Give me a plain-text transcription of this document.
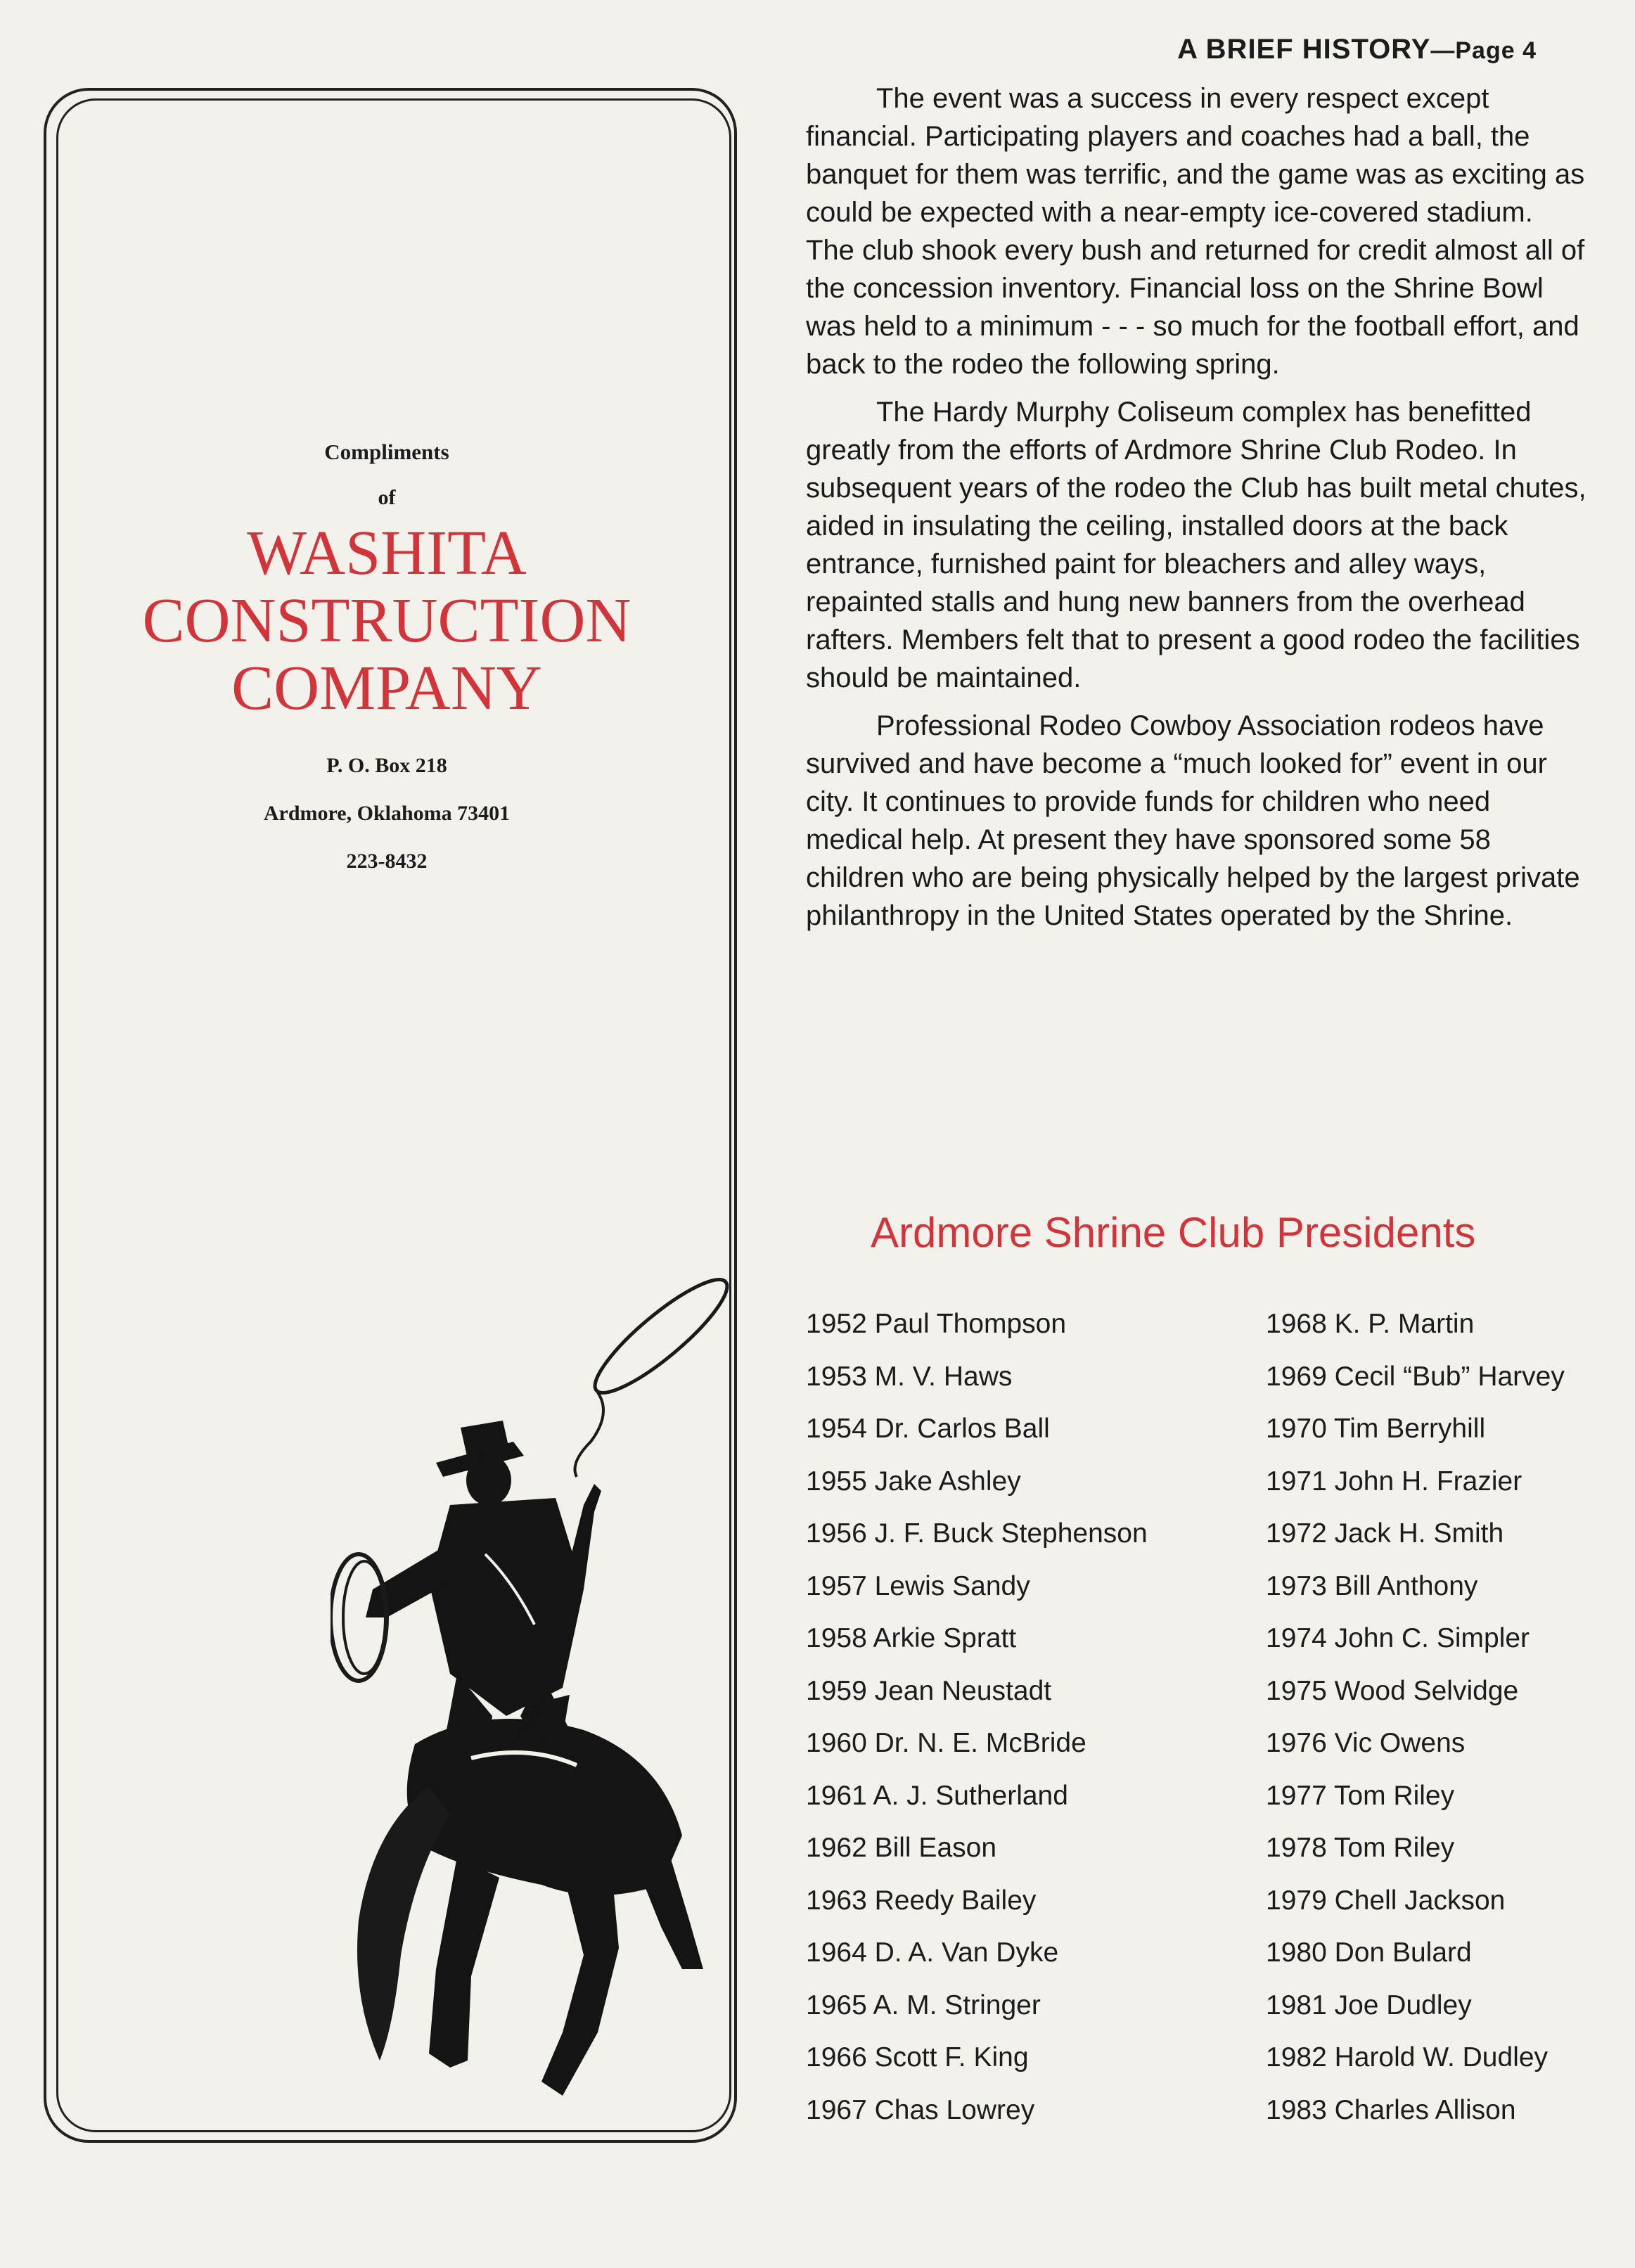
A BRIEF HISTORY—Page 4
Compliments
of
WASHITA
CONSTRUCTION
COMPANY
P. O. Box 218
Ardmore, Oklahoma 73401
223-8432

The event was a success in every respect except financial. Participating players and coaches had a ball, the banquet for them was terrific, and the game was as exciting as could be expected with a near-empty ice-covered stadium. The club shook every bush and returned for credit almost all of the concession inventory. Financial loss on the Shrine Bowl was held to a minimum - - - so much for the football effort, and back to the rodeo the following spring.

The Hardy Murphy Coliseum complex has benefitted greatly from the efforts of Ardmore Shrine Club Rodeo. In subsequent years of the rodeo the Club has built metal chutes, aided in insulating the ceiling, installed doors at the back entrance, furnished paint for bleachers and alley ways, repainted stalls and hung new banners from the overhead rafters. Members felt that to present a good rodeo the facilities should be maintained.

Professional Rodeo Cowboy Association rodeos have survived and have become a “much looked for” event in our city. It continues to provide funds for children who need medical help. At present they have sponsored some 58 children who are being physically helped by the largest private philanthropy in the United States operated by the Shrine.

Ardmore Shrine Club Presidents
1952 Paul Thompson
1953 M. V. Haws
1954 Dr. Carlos Ball
1955 Jake Ashley
1956 J. F. Buck Stephenson
1957 Lewis Sandy
1958 Arkie Spratt
1959 Jean Neustadt
1960 Dr. N. E. McBride
1961 A. J. Sutherland
1962 Bill Eason
1963 Reedy Bailey
1964 D. A. Van Dyke
1965 A. M. Stringer
1966 Scott F. King
1967 Chas Lowrey
1968 K. P. Martin
1969 Cecil “Bub” Harvey
1970 Tim Berryhill
1971 John H. Frazier
1972 Jack H. Smith
1973 Bill Anthony
1974 John C. Simpler
1975 Wood Selvidge
1976 Vic Owens
1977 Tom Riley
1978 Tom Riley
1979 Chell Jackson
1980 Don Bulard
1981 Joe Dudley
1982 Harold W. Dudley
1983 Charles Allison
